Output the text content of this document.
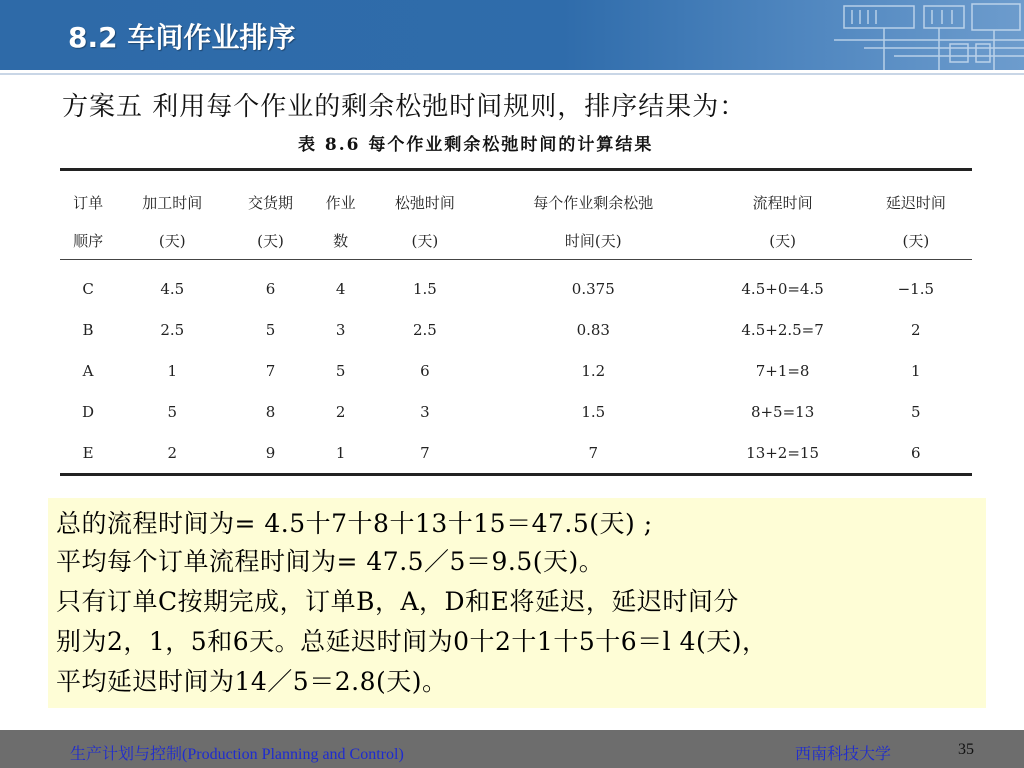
8.2 车间作业排序
方案五 利用每个作业的剩余松弛时间规则，排序结果为：
表 8.6 每个作业剩余松弛时间的计算结果
订单	加工时间	交货期	作业	松弛时间	每个作业剩余松弛	流程时间	延迟时间
顺序	(天)	(天)	数	(天)	时间(天)	(天)	(天)
C	4.5	6	4	1.5	0.375	4.5+0=4.5	−1.5
B	2.5	5	3	2.5	0.83	4.5+2.5=7	2
A	1	7	5	6	1.2	7+1=8	1
D	5	8	2	3	1.5	8+5=13	5
E	2	9	1	7	7	13+2=15	6

总的流程时间为= 4.5十7十8十13十15＝47.5(天) ;

平均每个订单流程时间为= 47.5／5＝9.5(天)。

只有订单C按期完成，订单B，A，D和E将延迟，延迟时间分

别为2，1，5和6天。总延迟时间为0十2十1十5十6＝l 4(天)，

平均延迟时间为14／5＝2.8(天)。

生产计划与控制(Production Planning and Control)	西南科技大学	35
